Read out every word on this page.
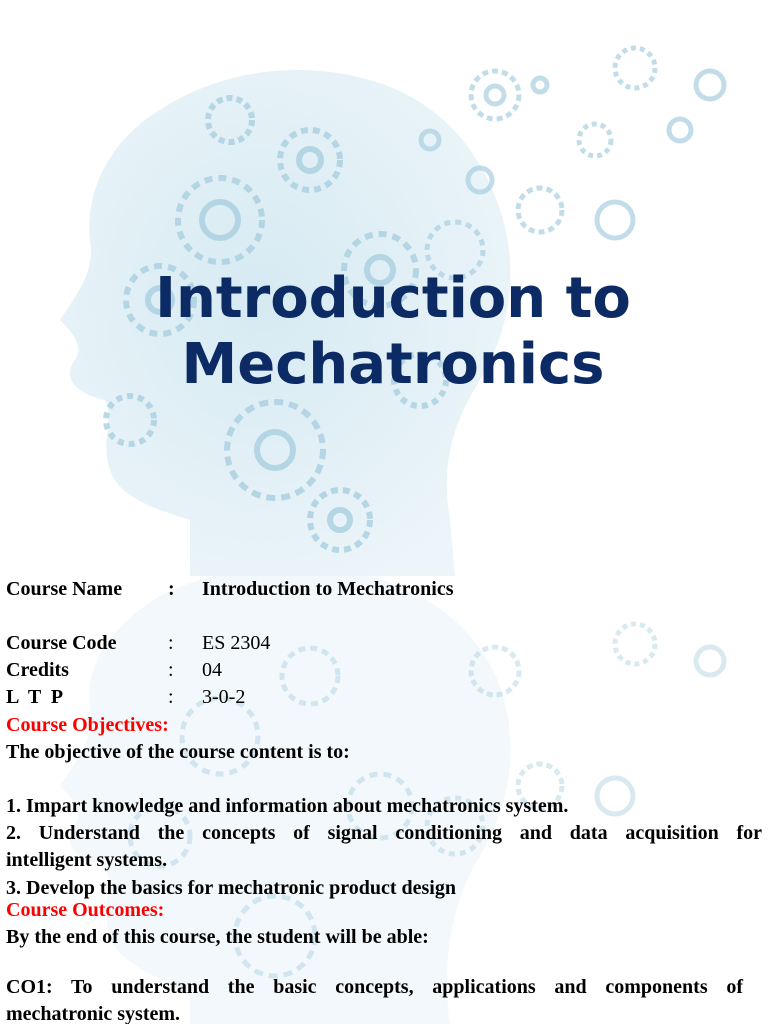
Introduction to
Mechatronics
Course Name : Introduction to Mechatronics
Course Code	: ES 2304
Credits	: 04
L  T  P	: 3-0-2
Course Objectives:
The objective of the course content is to:
1. Impart knowledge and information about mechatronics system.
2. Understand the concepts of signal conditioning and data acquisition for
intelligent systems.
3. Develop the basics for mechatronic product design
Course Outcomes:
By the end of this course, the student will be able:
CO1: To understand the basic concepts, applications and components of
mechatronic system.
